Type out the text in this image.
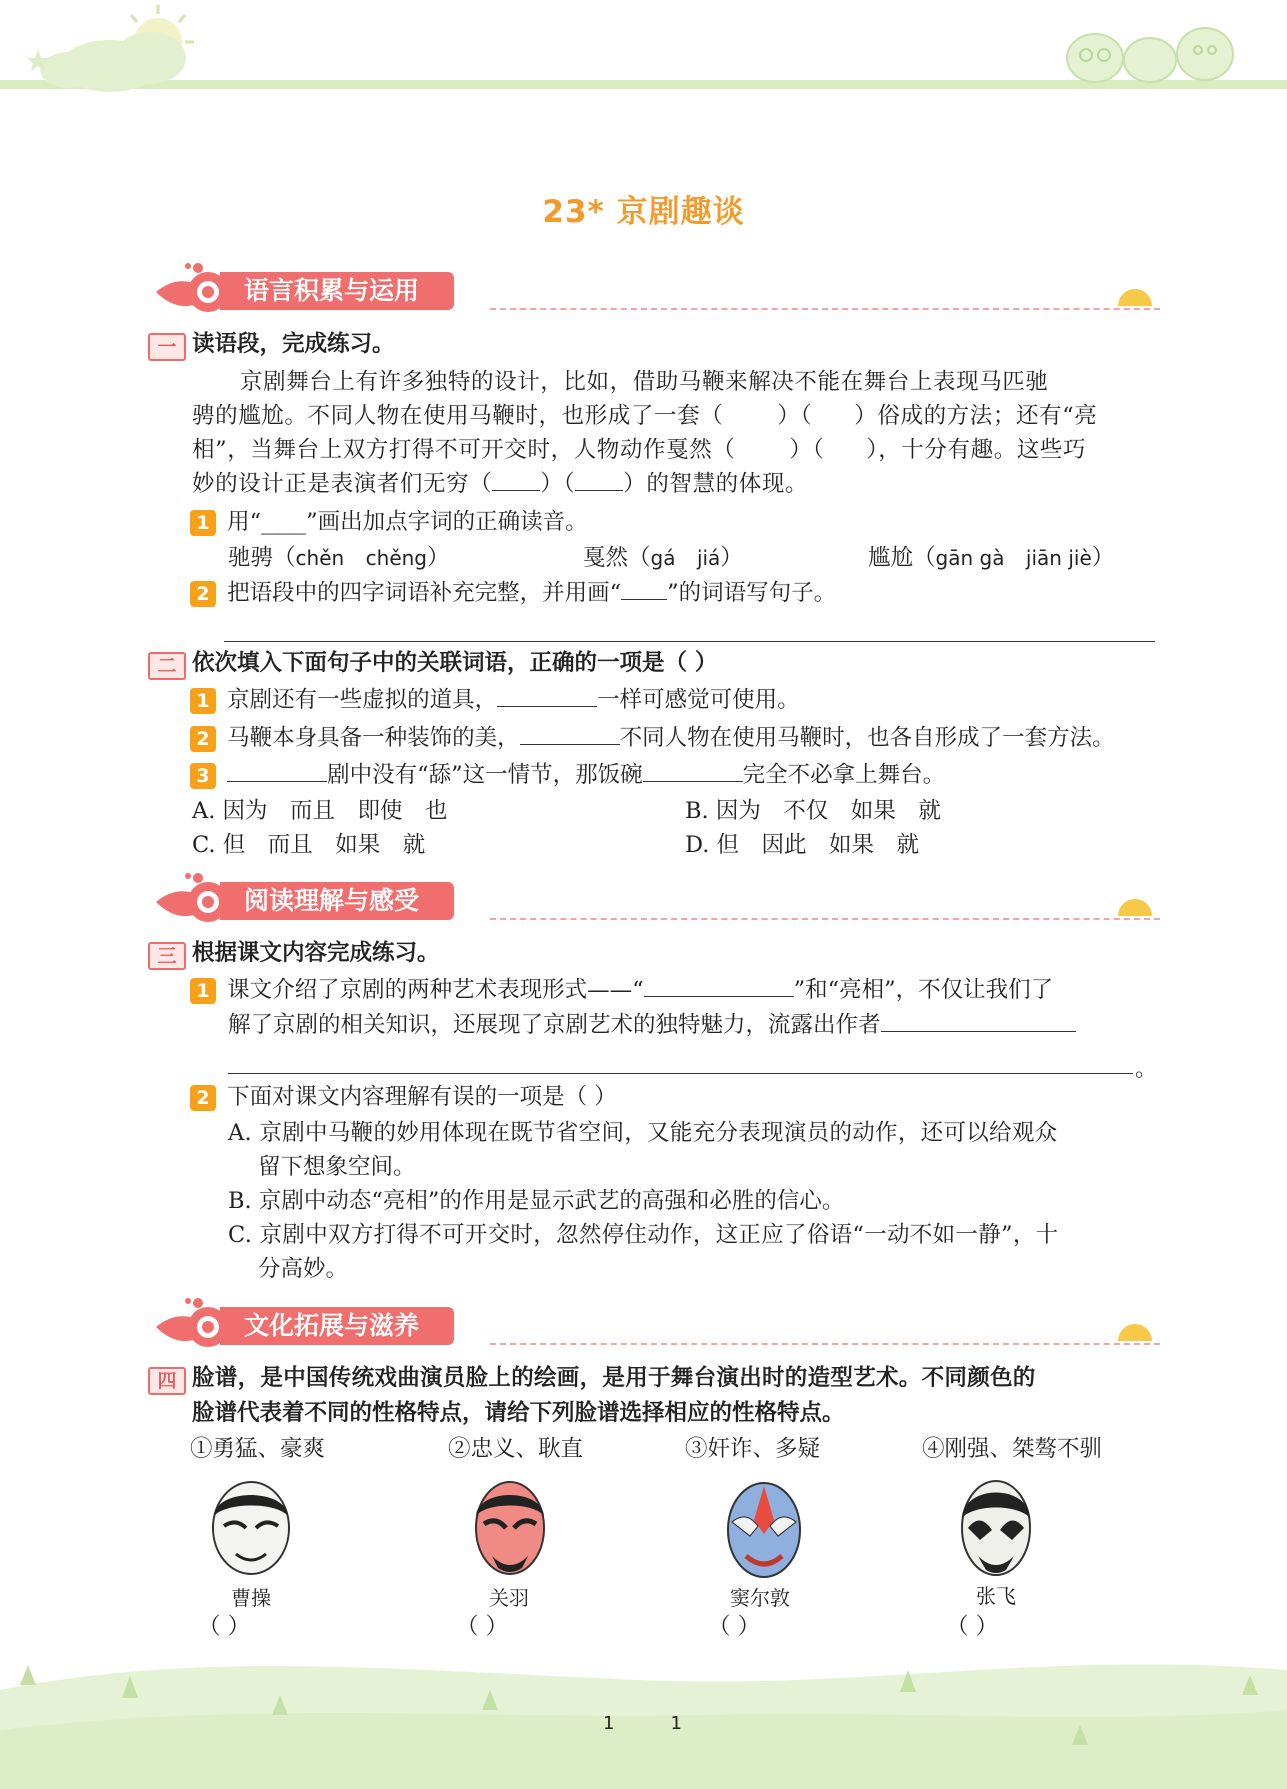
23* 京剧趣谈
语言积累与运用
一 读语段，完成练习。
京剧舞台上有许多独特的设计，比如，借助马鞭来解决不能在舞台上表现马匹驰
骋的尴尬。不同人物在使用马鞭时，也形成了一套（ ）（ ）俗成的方法；还有“亮
相”，当舞台上双方打得不可开交时，人物动作戛然（ ）（ ），十分有趣。这些巧
妙的设计正是表演者们无穷（ ）（ ）的智慧的体现。
1 用“____”画出加点字词的正确读音。
驰骋（chěn chěng）	戛然（gá jiá）	尴尬（gān gà jiān jiè）
2 把语段中的四字词语补充完整，并用画“ ”的词语写句子。
二 依次填入下面句子中的关联词语，正确的一项是（ ）
1 京剧还有一些虚拟的道具，	一样可感觉可使用。
2 马鞭本身具备一种装饰的美，	不同人物在使用马鞭时，也各自形成了一套方法。
3	剧中没有“舔”这一情节，那饭碗	完全不必拿上舞台。
A. 因为　而且　即使　也	B. 因为　不仅　如果　就
C. 但　而且　如果　就	D. 但　因此　如果　就
阅读理解与感受
三 根据课文内容完成练习。
1 课文介绍了京剧的两种艺术表现形式——“	”和“亮相”，不仅让我们了
解了京剧的相关知识，还展现了京剧艺术的独特魅力，流露出作者
。
2 下面对课文内容理解有误的一项是（ ）
A. 京剧中马鞭的妙用体现在既节省空间，又能充分表现演员的动作，还可以给观众
留下想象空间。
B. 京剧中动态“亮相”的作用是显示武艺的高强和必胜的信心。
C. 京剧中双方打得不可开交时，忽然停住动作，这正应了俗语“一动不如一静”，十
分高妙。
文化拓展与滋养
四 脸谱，是中国传统戏曲演员脸上的绘画，是用于舞台演出时的造型艺术。不同颜色的
脸谱代表着不同的性格特点，请给下列脸谱选择相应的性格特点。
①勇猛、豪爽	②忠义、耿直	③奸诈、多疑	④刚强、桀骜不驯
曹操	关羽	窦尔敦	张飞
（ ）	（ ）	（ ）	（ ）
1	1
